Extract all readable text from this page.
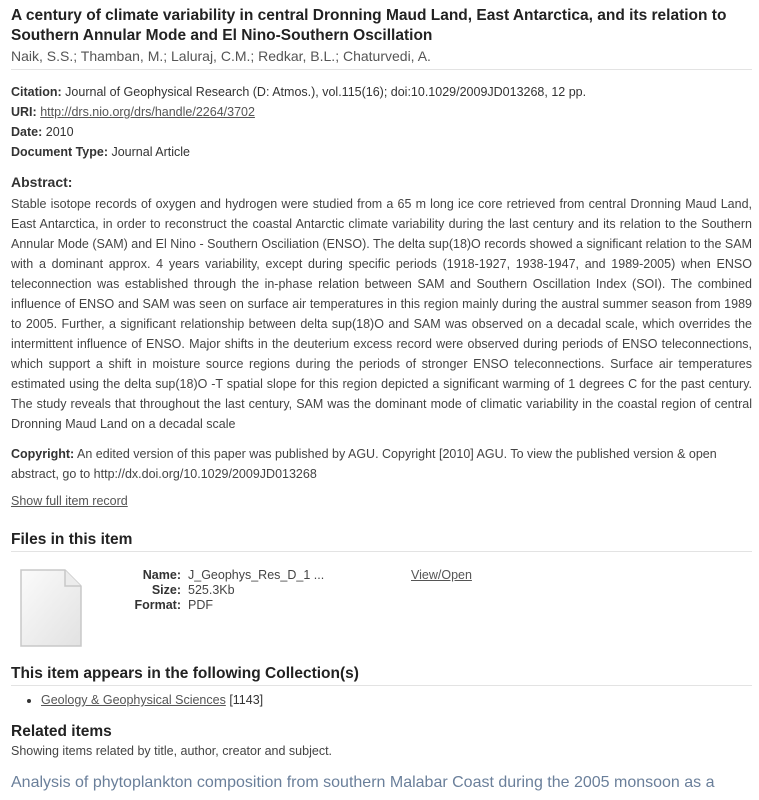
A century of climate variability in central Dronning Maud Land, East Antarctica, and its relation to Southern Annular Mode and El Nino-Southern Oscillation
Naik, S.S.; Thamban, M.; Laluraj, C.M.; Redkar, B.L.; Chaturvedi, A.
Citation: Journal of Geophysical Research (D: Atmos.), vol.115(16); doi:10.1029/2009JD013268, 12 pp.
URI: http://drs.nio.org/drs/handle/2264/3702
Date: 2010
Document Type: Journal Article
Abstract:
Stable isotope records of oxygen and hydrogen were studied from a 65 m long ice core retrieved from central Dronning Maud Land, East Antarctica, in order to reconstruct the coastal Antarctic climate variability during the last century and its relation to the Southern Annular Mode (SAM) and El Nino - Southern Osciliation (ENSO). The delta sup(18)O records showed a significant relation to the SAM with a dominant approx. 4 years variability, except during specific periods (1918-1927, 1938-1947, and 1989-2005) when ENSO teleconnection was established through the in-phase relation between SAM and Southern Oscillation Index (SOI). The combined influence of ENSO and SAM was seen on surface air temperatures in this region mainly during the austral summer season from 1989 to 2005. Further, a significant relationship between delta sup(18)O and SAM was observed on a decadal scale, which overrides the intermittent influence of ENSO. Major shifts in the deuterium excess record were observed during periods of ENSO teleconnections, which support a shift in moisture source regions during the periods of stronger ENSO teleconnections. Surface air temperatures estimated using the delta sup(18)O -T spatial slope for this region depicted a significant warming of 1 degrees C for the past century. The study reveals that throughout the last century, SAM was the dominant mode of climatic variability in the coastal region of central Dronning Maud Land on a decadal scale
Copyright: An edited version of this paper was published by AGU. Copyright [2010] AGU. To view the published version & open abstract, go to http://dx.doi.org/10.1029/2009JD013268
Show full item record
Files in this item
Name: J_Geophys_Res_D_1 ...
Size: 525.3Kb
Format: PDF
View/Open
This item appears in the following Collection(s)
• Geology & Geophysical Sciences [1143]
Related items
Showing items related by title, author, creator and subject.
Analysis of phytoplankton composition from southern Malabar Coast during the 2005 monsoon as a
